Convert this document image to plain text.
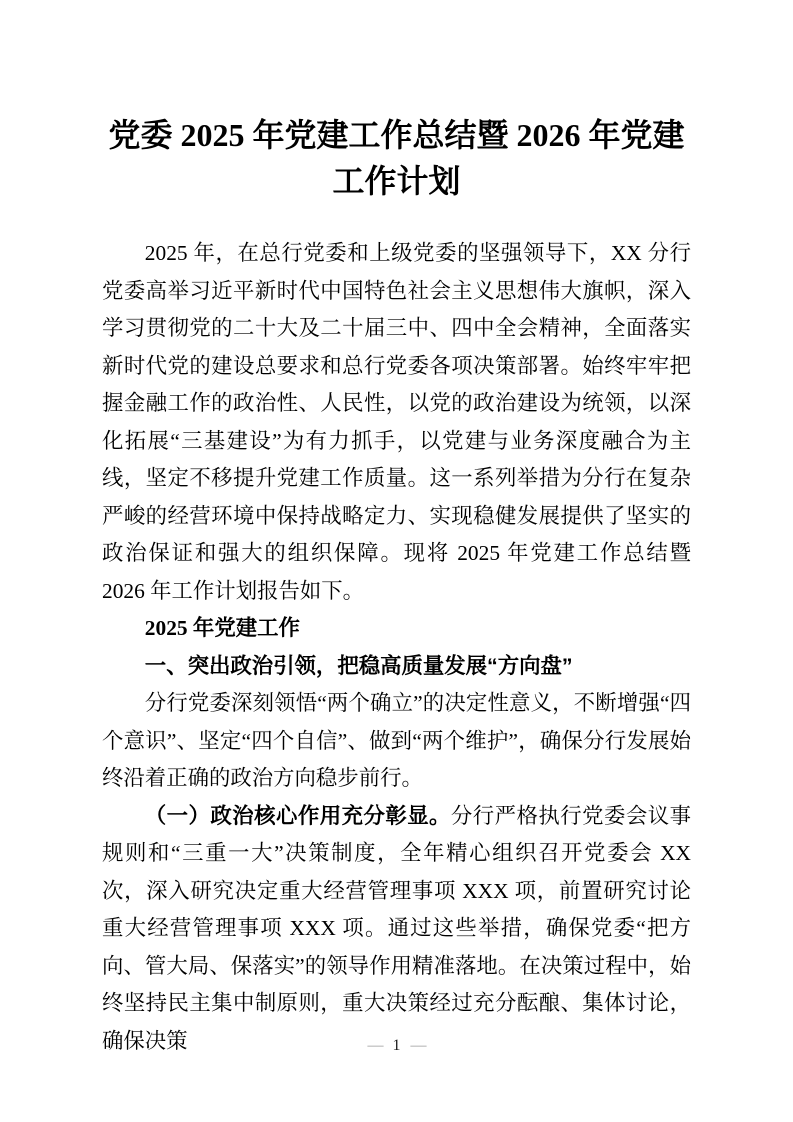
党委 2025 年党建工作总结暨 2026 年党建工作计划

2025 年，在总行党委和上级党委的坚强领导下，XX 分行党委高举习近平新时代中国特色社会主义思想伟大旗帜，深入学习贯彻党的二十大及二十届三中、四中全会精神，全面落实新时代党的建设总要求和总行党委各项决策部署。始终牢牢把握金融工作的政治性、人民性，以党的政治建设为统领，以深化拓展“三基建设”为有力抓手，以党建与业务深度融合为主线，坚定不移提升党建工作质量。这一系列举措为分行在复杂严峻的经营环境中保持战略定力、实现稳健发展提供了坚实的政治保证和强大的组织保障。现将 2025 年党建工作总结暨 2026 年工作计划报告如下。

2025 年党建工作

一、突出政治引领，把稳高质量发展“方向盘”

分行党委深刻领悟“两个确立”的决定性意义，不断增强“四个意识”、坚定“四个自信”、做到“两个维护”，确保分行发展始终沿着正确的政治方向稳步前行。

（一）政治核心作用充分彰显。分行严格执行党委会议事规则和“三重一大”决策制度，全年精心组织召开党委会 XX 次，深入研究决定重大经营管理事项 XXX 项，前置研究讨论重大经营管理事项 XXX 项。通过这些举措，确保党委“把方向、管大局、保落实”的领导作用精准落地。在决策过程中，始终坚持民主集中制原则，重大决策经过充分酝酿、集体讨论，确保决策	— 1 —
